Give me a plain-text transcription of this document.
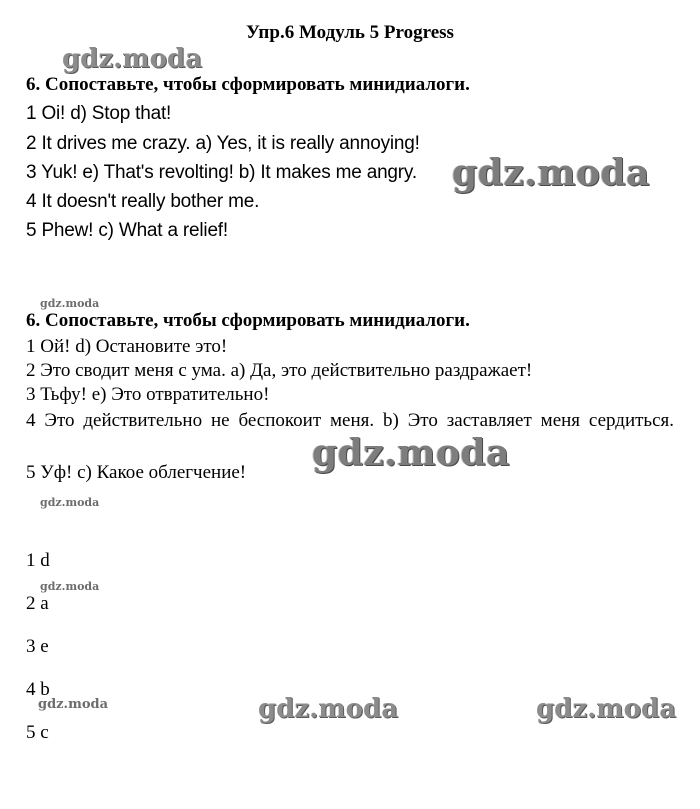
Упр.6 Модуль 5 Progress
6. Сопоставьте, чтобы сформировать минидиалоги.
1 Oi! d) Stop that!
2 It drives me crazy. a) Yes, it is really annoying!
3 Yuk! e) That's revolting! b) It makes me angry.
4 It doesn't really bother me.
5 Phew! c) What a relief!
6. Сопоставьте, чтобы сформировать минидиалоги.
1 Ой! d) Остановите это!
2 Это сводит меня с ума. а) Да, это действительно раздражает!
3 Тьфу! е) Это отвратительно!
4 Это действительно не беспокоит меня. b) Это заставляет меня сердиться.
5 Уф! с) Какое облегчение!
1 d
2 a
3 e
4 b
5 c
gdz.moda
gdz.moda
gdz.moda
gdz.moda
gdz.moda
gdz.moda
gdz.moda	gdz.moda	gdz.moda
